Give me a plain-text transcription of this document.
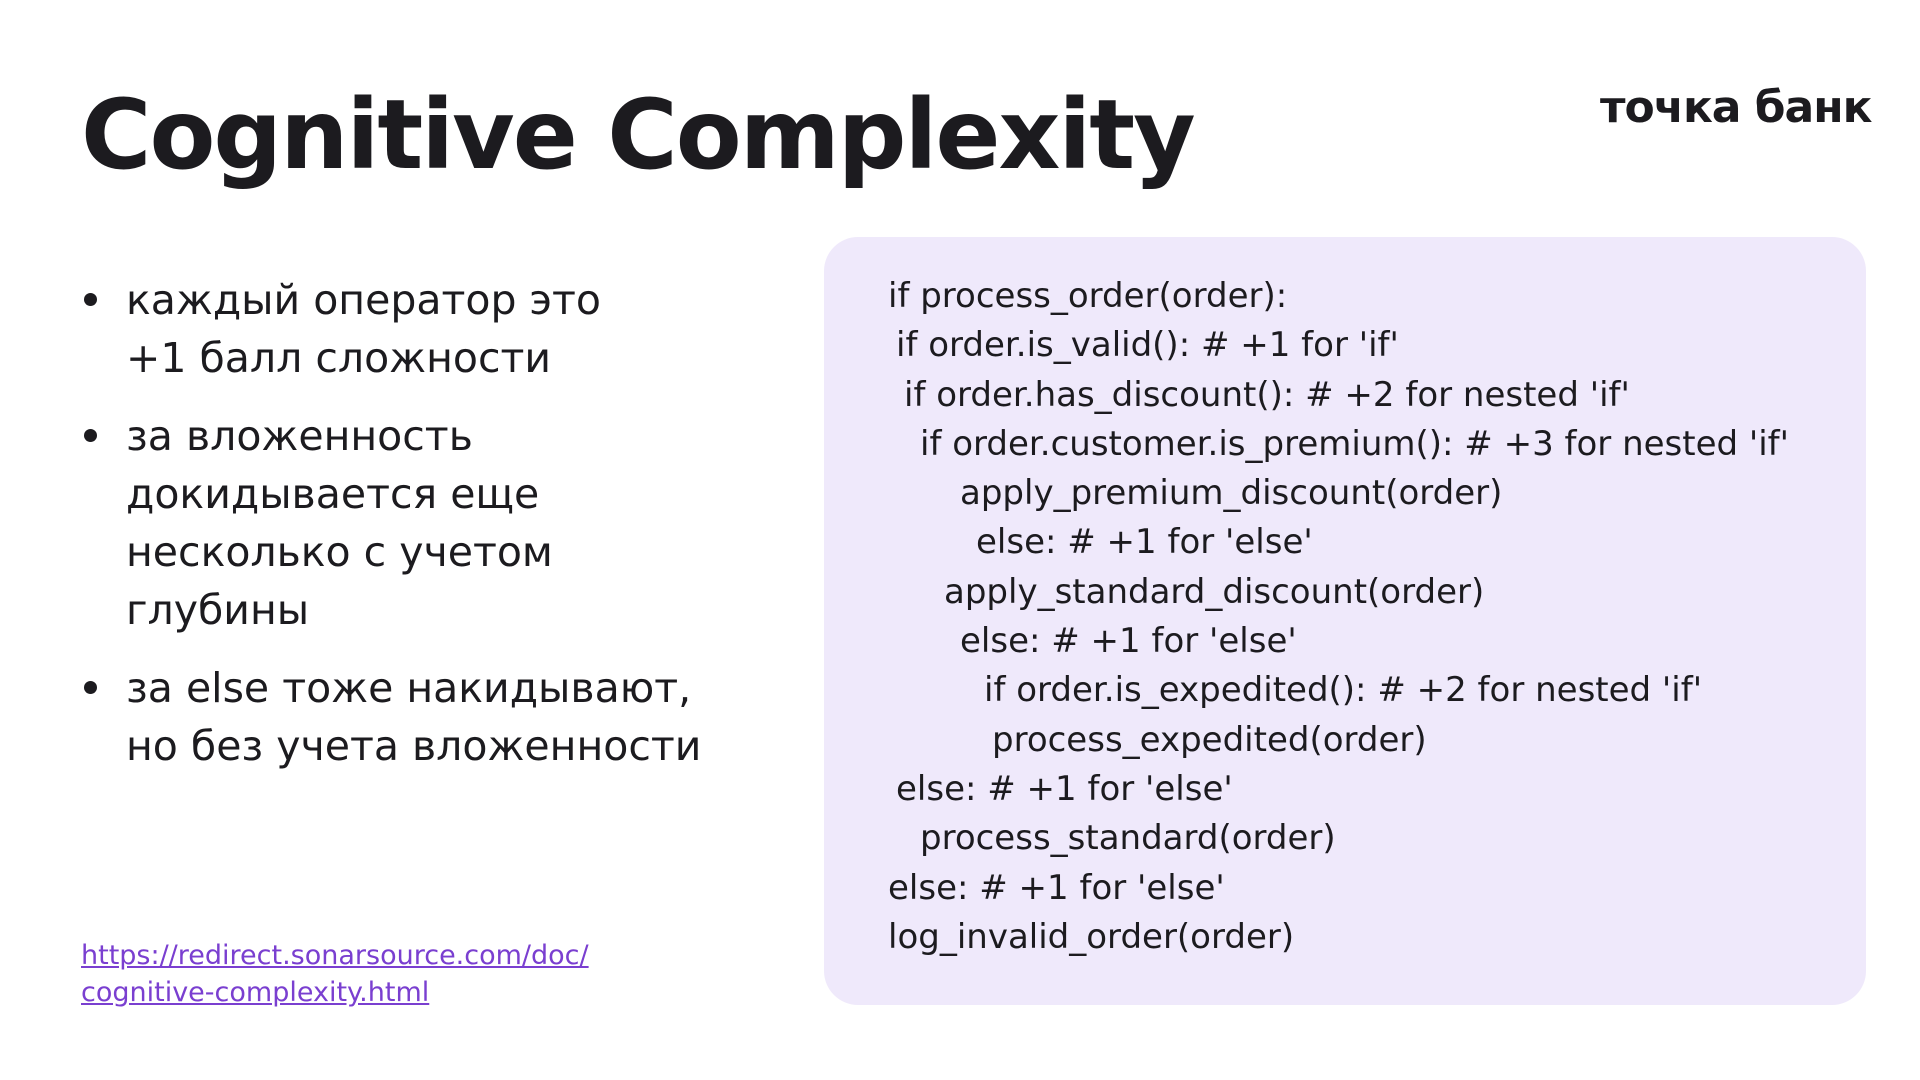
Cognitive Complexity	точка банк
каждый оператор это
+1 балл сложности
за вложенность
докидывается еще
несколько с учетом
глубины
за else тоже накидывают,
но без учета вложенности
https://redirect.sonarsource.com/doc/
cognitive-complexity.html
if process_order(order):
if order.is_valid(): # +1 for 'if'
if order.has_discount(): # +2 for nested 'if'
if order.customer.is_premium(): # +3 for nested 'if'
apply_premium_discount(order)
else: # +1 for 'else'
apply_standard_discount(order)
else: # +1 for 'else'
if order.is_expedited(): # +2 for nested 'if'
process_expedited(order)
else: # +1 for 'else'
process_standard(order)
else: # +1 for 'else'
log_invalid_order(order)
